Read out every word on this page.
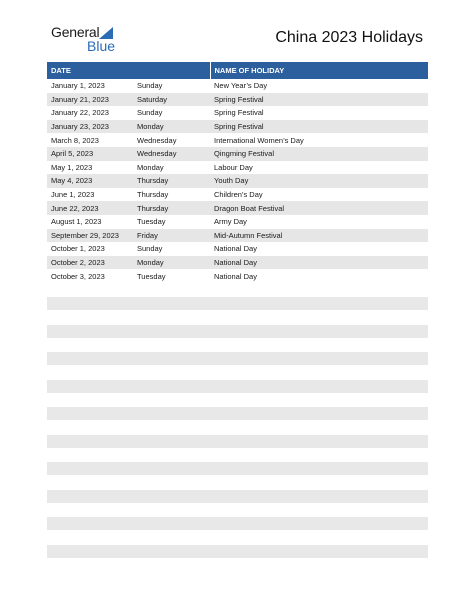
General
Blue	China 2023 Holidays
DATE		NAME OF HOLIDAY
January 1, 2023	Sunday	New Year’s Day
January 21, 2023	Saturday	Spring Festival
January 22, 2023	Sunday	Spring Festival
January 23, 2023	Monday	Spring Festival
March 8, 2023	Wednesday	International Women’s Day
April 5, 2023	Wednesday	Qingming Festival
May 1, 2023	Monday	Labour Day
May 4, 2023	Thursday	Youth Day
June 1, 2023	Thursday	Children’s Day
June 22, 2023	Thursday	Dragon Boat Festival
August 1, 2023	Tuesday	Army Day
September 29, 2023	Friday	Mid-Autumn Festival
October 1, 2023	Sunday	National Day
October 2, 2023	Monday	National Day
October 3, 2023	Tuesday	National Day
